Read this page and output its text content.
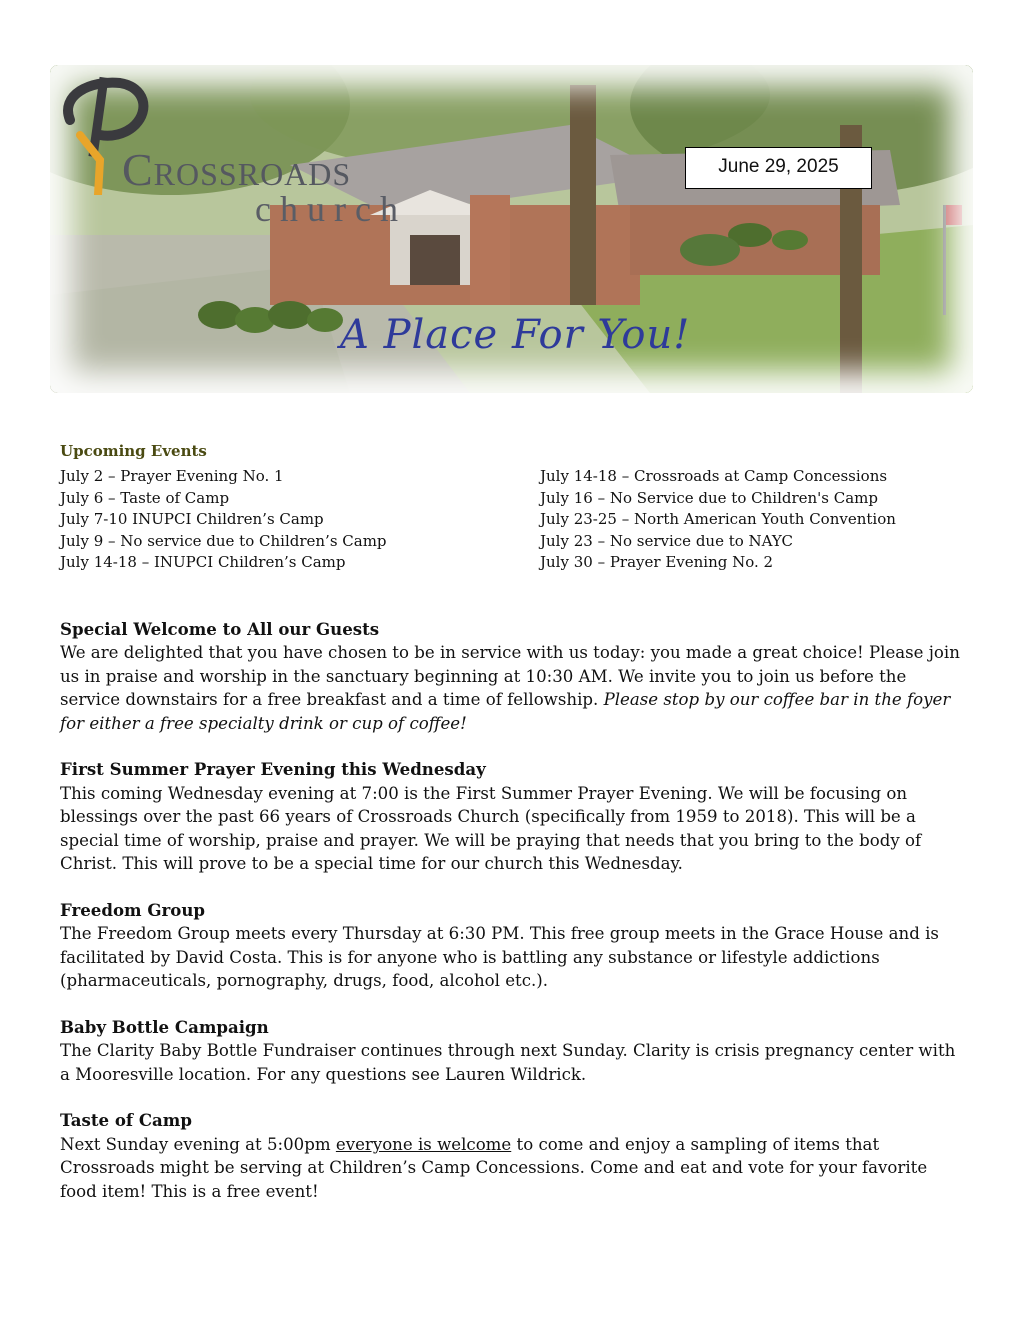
Crossroads
church
June 29, 2025
A Place For You!
Upcoming Events
July 2 – Prayer Evening No. 1
July 6 – Taste of Camp
July 7-10 INUPCI Children’s Camp
July 9 – No service due to Children’s Camp
July 14-18 – INUPCI Children’s Camp
July 14-18 – Crossroads at Camp Concessions
July 16 – No Service due to Children's Camp
July 23-25 – North American Youth Convention
July 23 – No service due to NAYC
July 30 – Prayer Evening No. 2
Special Welcome to All our Guests

We are delighted that you have chosen to be in service with us today: you made a great choice! Please join us in praise and worship in the sanctuary beginning at 10:30 AM. We invite you to join us before the service downstairs for a free breakfast and a time of fellowship. Please stop by our coffee bar in the foyer for either a free specialty drink or cup of coffee!

First Summer Prayer Evening this Wednesday

This coming Wednesday evening at 7:00 is the First Summer Prayer Evening. We will be focusing on blessings over the past 66 years of Crossroads Church (specifically from 1959 to 2018). This will be a special time of worship, praise and prayer. We will be praying that needs that you bring to the body of Christ. This will prove to be a special time for our church this Wednesday.

Freedom Group

The Freedom Group meets every Thursday at 6:30 PM. This free group meets in the Grace House and is facilitated by David Costa. This is for anyone who is battling any substance or lifestyle addictions (pharmaceuticals, pornography, drugs, food, alcohol etc.).

Baby Bottle Campaign

The Clarity Baby Bottle Fundraiser continues through next Sunday. Clarity is crisis pregnancy center with a Mooresville location. For any questions see Lauren Wildrick.

Taste of Camp

Next Sunday evening at 5:00pm everyone is welcome to come and enjoy a sampling of items that Crossroads might be serving at Children’s Camp Concessions. Come and eat and vote for your favorite food item! This is a free event!
